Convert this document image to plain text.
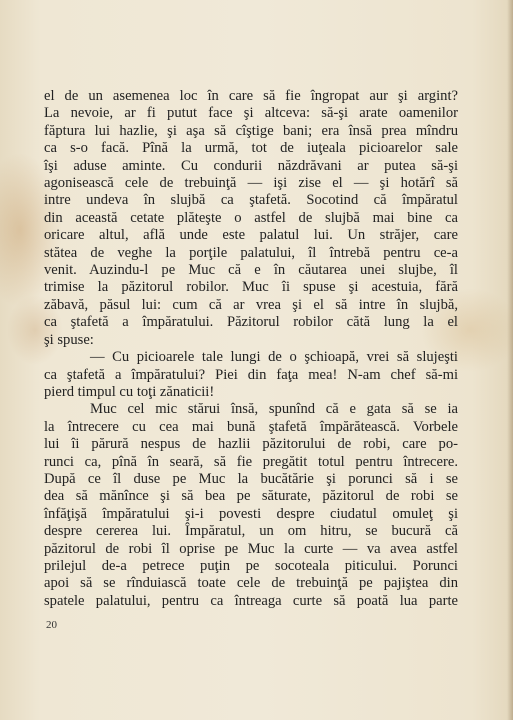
el de un asemenea loc în care să fie îngropat aur şi argint?
La nevoie, ar fi putut face şi altceva: să-şi arate oamenilor
făptura lui hazlie, şi aşa să cîştige bani; era însă prea mîndru
ca s-o facă. Pînă la urmă, tot de iuţeala picioarelor sale
îşi aduse aminte. Cu condurii năzdrăvani ar putea să-şi
agonisească cele de trebuinţă — işi zise el — şi hotărî să
intre undeva în slujbă ca ştafetă. Socotind că împăratul
din această cetate plăteşte o astfel de slujbă mai bine ca
oricare altul, află unde este palatul lui. Un străjer, care
stătea de veghe la porţile palatului, îl întrebă pentru ce-a
venit. Auzindu-l pe Muc că e în căutarea unei slujbe, îl
trimise la păzitorul robilor. Muc îi spuse şi acestuia, fără
zăbavă, păsul lui: cum că ar vrea şi el să intre în slujbă,
ca ştafetă a împăratului. Păzitorul robilor cătă lung la el
şi spuse:
— Cu picioarele tale lungi de o şchioapă, vrei să slujeşti
ca ştafetă a împăratului? Piei din faţa mea! N-am chef să-mi
pierd timpul cu toţi zănaticii!
Muc cel mic stărui însă, spunînd că e gata să se ia
la întrecere cu cea mai bună ştafetă împărătească. Vorbele
lui îi părură nespus de hazlii păzitorului de robi, care po-
runci ca, pînă în seară, să fie pregătit totul pentru întrecere.
După ce îl duse pe Muc la bucătărie şi porunci să i se
dea să mănînce şi să bea pe săturate, păzitorul de robi se
înfăţişă împăratului şi-i povesti despre ciudatul omuleţ şi
despre cererea lui. Împăratul, un om hitru, se bucură că
păzitorul de robi îl oprise pe Muc la curte — va avea astfel
prilejul de-a petrece puţin pe socoteala piticului. Porunci
apoi să se rînduiască toate cele de trebuinţă pe pajiştea din
spatele palatului, pentru ca întreaga curte să poată lua parte
20
